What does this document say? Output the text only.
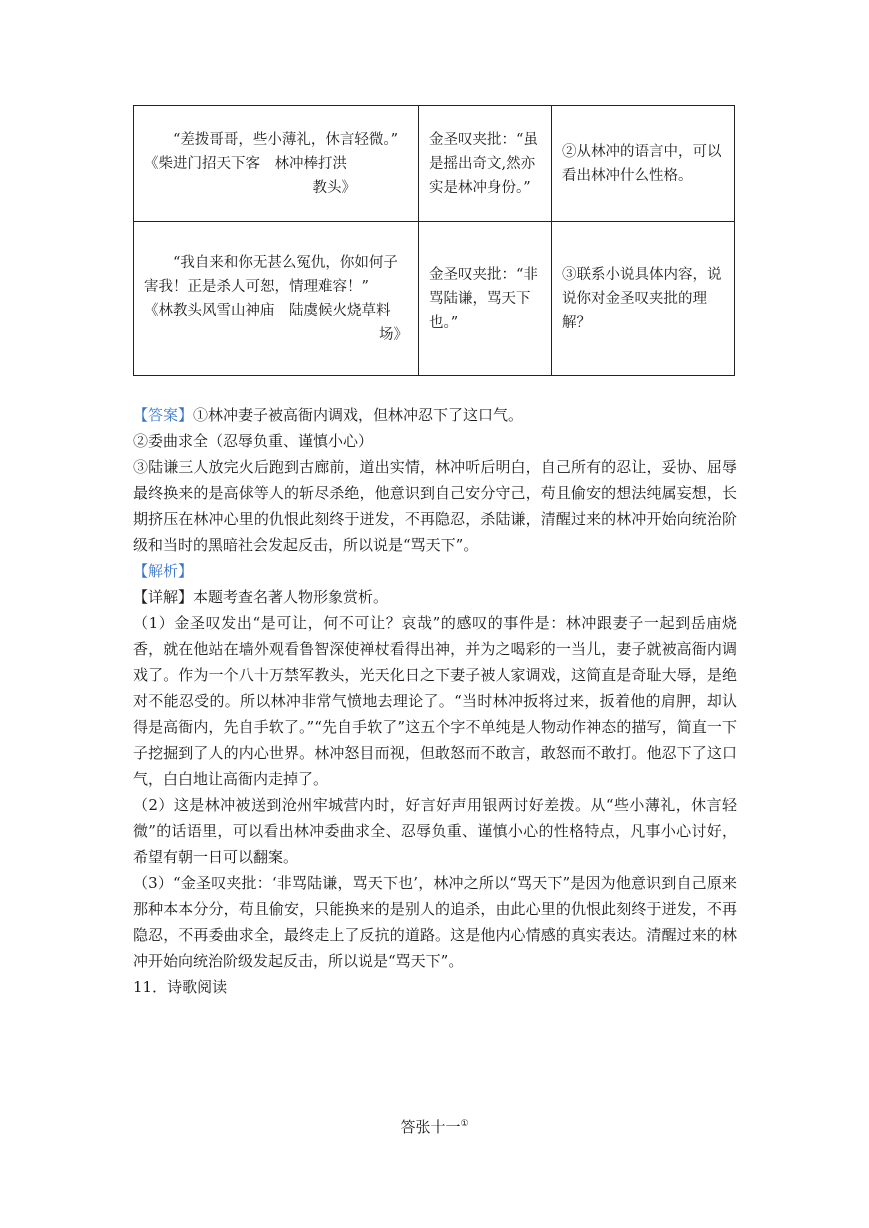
“差拨哥哥，些小薄礼，休言轻微。”
《柴进门招天下客　林冲棒打洪
教头》	金圣叹夹批：“虽是摇出奇文,然亦实是林冲身份。”	②从林冲的语言中，可以看出林冲什么性格。

“我自来和你无甚么冤仇，你如何子害我！正是杀人可恕，情理难容！”
《林教头风雪山神庙　陆虞候火烧草料
场》	金圣叹夹批：“非骂陆谦，骂天下也。”	③联系小说具体内容，说说你对金圣叹夹批的理解？

【答案】①林冲妻子被高衙内调戏，但林冲忍下了这口气。

②委曲求全（忍辱负重、谨慎小心）

③陆谦三人放完火后跑到古廊前，道出实情，林冲听后明白，自己所有的忍让，妥协、屈辱最终换来的是高俅等人的斩尽杀绝，他意识到自己安分守己，苟且偷安的想法纯属妄想，长期挤压在林冲心里的仇恨此刻终于迸发，不再隐忍，杀陆谦，清醒过来的林冲开始向统治阶级和当时的黑暗社会发起反击，所以说是“骂天下”。

【解析】

【详解】本题考查名著人物形象赏析。

（1）金圣叹发出“是可让，何不可让？哀哉”的感叹的事件是：林冲跟妻子一起到岳庙烧香，就在他站在墙外观看鲁智深使禅杖看得出神，并为之喝彩的一当儿，妻子就被高衙内调戏了。作为一个八十万禁军教头，光天化日之下妻子被人家调戏，这简直是奇耻大辱，是绝对不能忍受的。所以林冲非常气愤地去理论了。“当时林冲扳将过来，扳着他的肩胛，却认得是高衙内，先自手软了。”“先自手软了”这五个字不单纯是人物动作神态的描写，简直一下子挖掘到了人的内心世界。林冲怒目而视，但敢怒而不敢言，敢怒而不敢打。他忍下了这口气，白白地让高衙内走掉了。

（2）这是林冲被送到沧州牢城营内时，好言好声用银两讨好差拨。从“些小薄礼，休言轻微”的话语里，可以看出林冲委曲求全、忍辱负重、谨慎小心的性格特点，凡事小心讨好，希望有朝一日可以翻案。

（3）“金圣叹夹批：‘非骂陆谦，骂天下也’，林冲之所以“骂天下”是因为他意识到自己原来那种本本分分，苟且偷安，只能换来的是别人的追杀，由此心里的仇恨此刻终于迸发，不再隐忍，不再委曲求全，最终走上了反抗的道路。这是他内心情感的真实表达。清醒过来的林冲开始向统治阶级发起反击，所以说是“骂天下”。

11．诗歌阅读

答张十一①
